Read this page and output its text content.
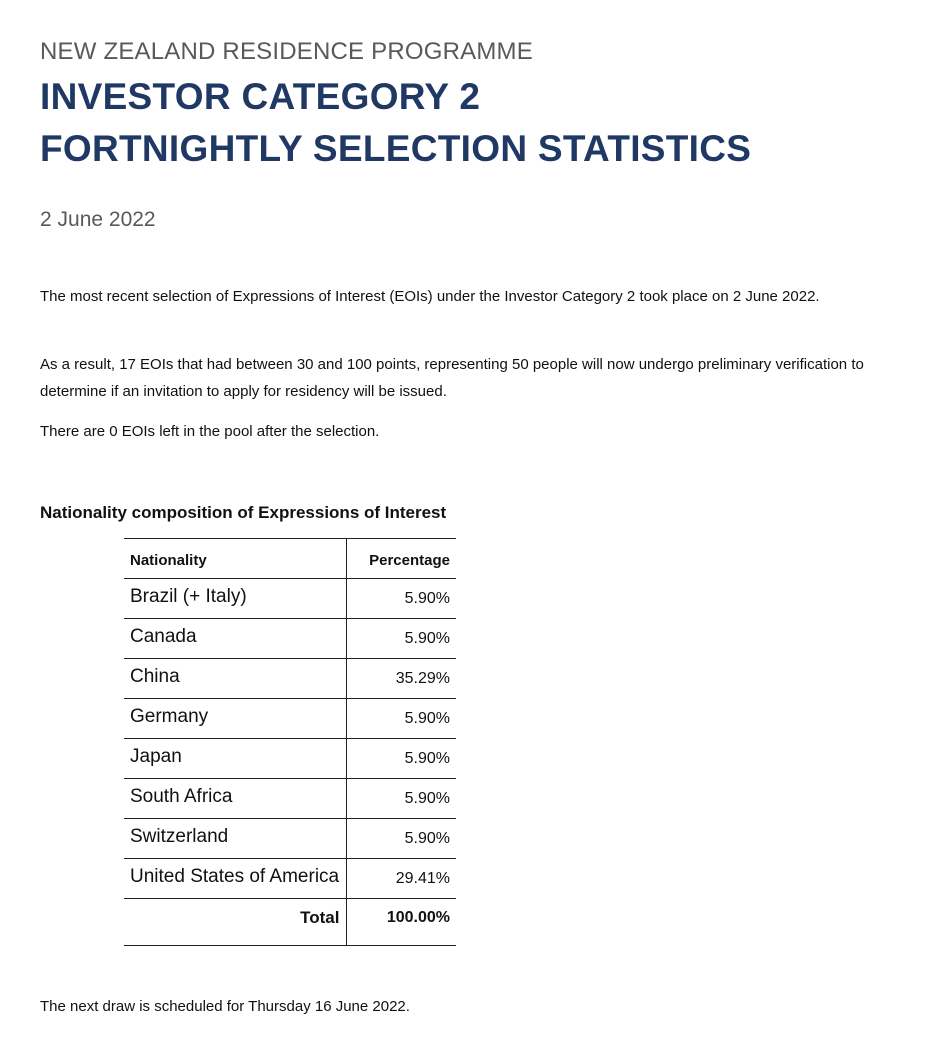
NEW ZEALAND RESIDENCE PROGRAMME
INVESTOR CATEGORY 2
FORTNIGHTLY SELECTION STATISTICS
2 June 2022

The most recent selection of Expressions of Interest (EOIs) under the Investor Category 2 took place on 2 June 2022.

As a result, 17 EOIs that had between 30 and 100 points, representing 50 people will now undergo preliminary verification to determine if an invitation to apply for residency will be issued.

There are 0 EOIs left in the pool after the selection.

Nationality composition of Expressions of Interest
Nationality	Percentage
Brazil (+ Italy)	5.90%
Canada	5.90%
China	35.29%
Germany	5.90%
Japan	5.90%
South Africa	5.90%
Switzerland	5.90%
United States of America	29.41%
Total	100.00%
The next draw is scheduled for Thursday 16 June 2022.
